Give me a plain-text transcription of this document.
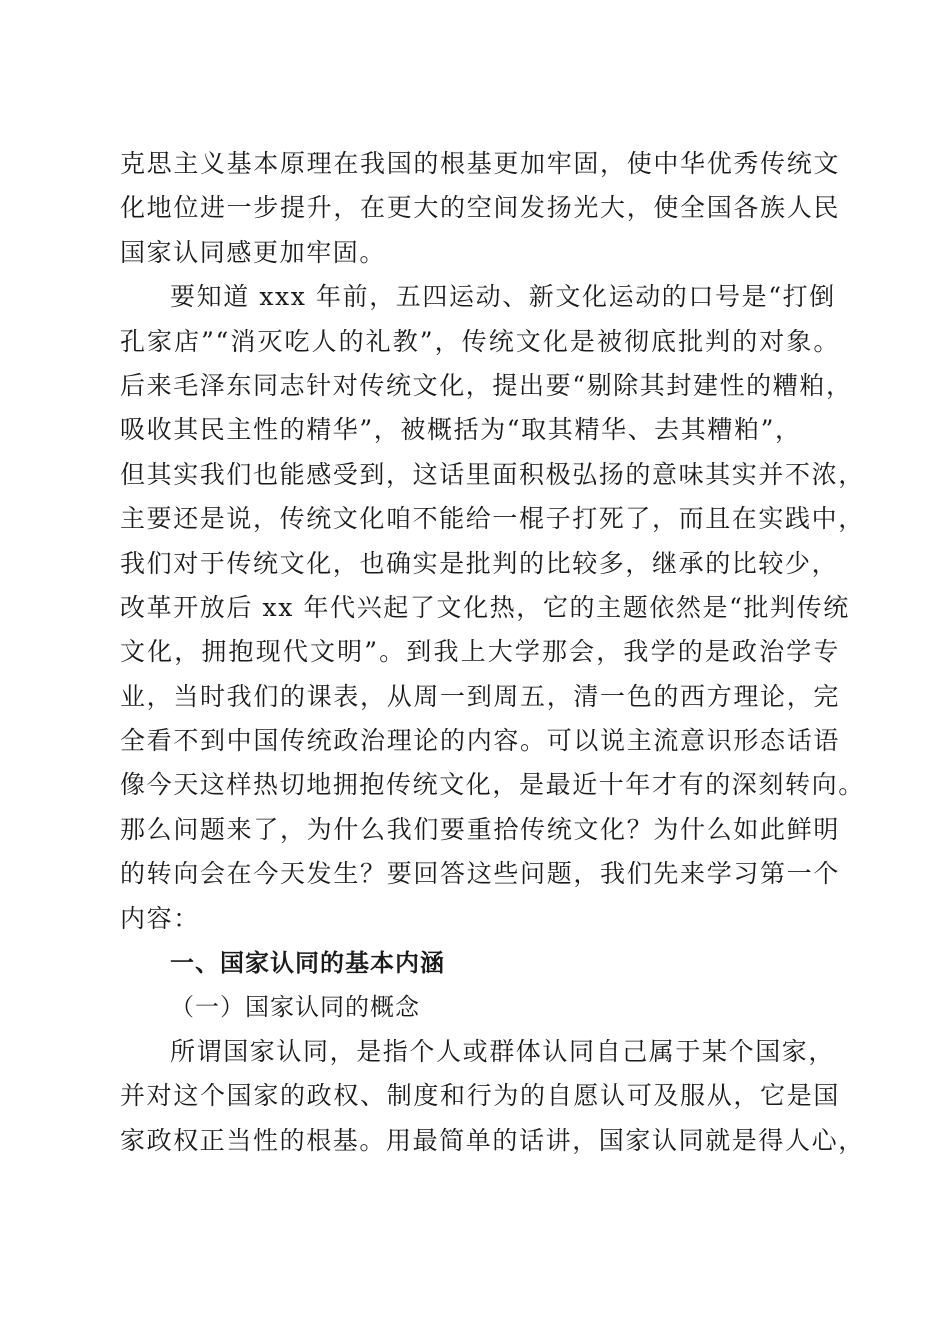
克思主义基本原理在我国的根基更加牢固，使中华优秀传统文
化地位进一步提升，在更大的空间发扬光大，使全国各族人民
国家认同感更加牢固。
要知道 xxx 年前，五四运动、新文化运动的口号是“打倒
孔家店”“消灭吃人的礼教”，传统文化是被彻底批判的对象。
后来毛泽东同志针对传统文化，提出要“剔除其封建性的糟粕，
吸收其民主性的精华”，被概括为“取其精华、去其糟粕”，
但其实我们也能感受到，这话里面积极弘扬的意味其实并不浓，
主要还是说，传统文化咱不能给一棍子打死了，而且在实践中，
我们对于传统文化，也确实是批判的比较多，继承的比较少，
改革开放后 xx 年代兴起了文化热，它的主题依然是“批判传统
文化，拥抱现代文明”。到我上大学那会，我学的是政治学专
业，当时我们的课表，从周一到周五，清一色的西方理论，完
全看不到中国传统政治理论的内容。可以说主流意识形态话语
像今天这样热切地拥抱传统文化，是最近十年才有的深刻转向。
那么问题来了，为什么我们要重拾传统文化？为什么如此鲜明
的转向会在今天发生？要回答这些问题，我们先来学习第一个
内容：
一、国家认同的基本内涵
（一）国家认同的概念
所谓国家认同，是指个人或群体认同自己属于某个国家，
并对这个国家的政权、制度和行为的自愿认可及服从，它是国
家政权正当性的根基。用最简单的话讲，国家认同就是得人心，
